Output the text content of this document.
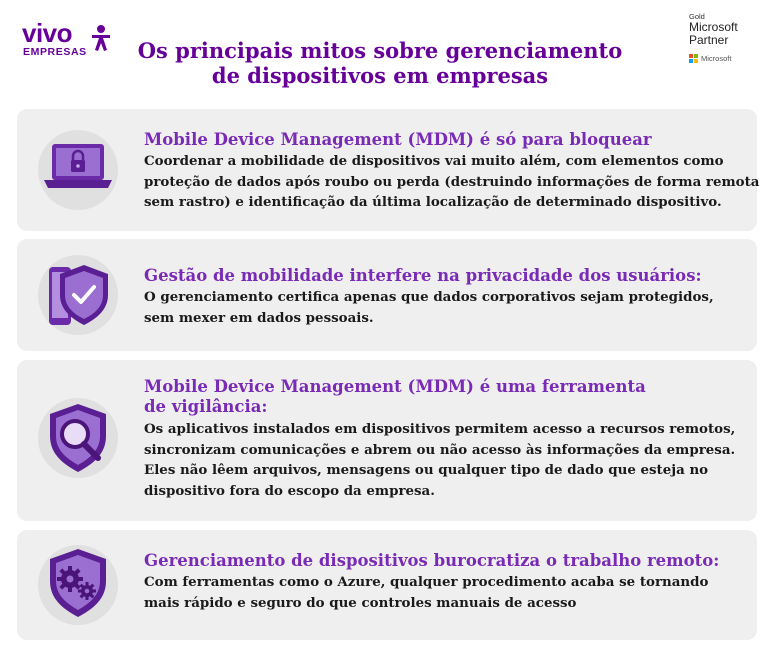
vivo
EMPRESAS	Os principais mitos sobre gerenciamento
de dispositivos em empresas
Gold
Microsoft
Partner
Microsoft
Mobile Device Management (MDM) é só para bloquear
Coordenar a mobilidade de dispositivos vai muito além, com elementos como
proteção de dados após roubo ou perda (destruindo informações de forma remota
sem rastro) e identificação da última localização de determinado dispositivo.
Gestão de mobilidade interfere na privacidade dos usuários:
O gerenciamento certifica apenas que dados corporativos sejam protegidos,
sem mexer em dados pessoais.
Mobile Device Management (MDM) é uma ferramenta
de vigilância:
Os aplicativos instalados em dispositivos permitem acesso a recursos remotos,
sincronizam comunicações e abrem ou não acesso às informações da empresa.
Eles não lêem arquivos, mensagens ou qualquer tipo de dado que esteja no
dispositivo fora do escopo da empresa.
Gerenciamento de dispositivos burocratiza o trabalho remoto:
Com ferramentas como o Azure, qualquer procedimento acaba se tornando
mais rápido e seguro do que controles manuais de acesso
